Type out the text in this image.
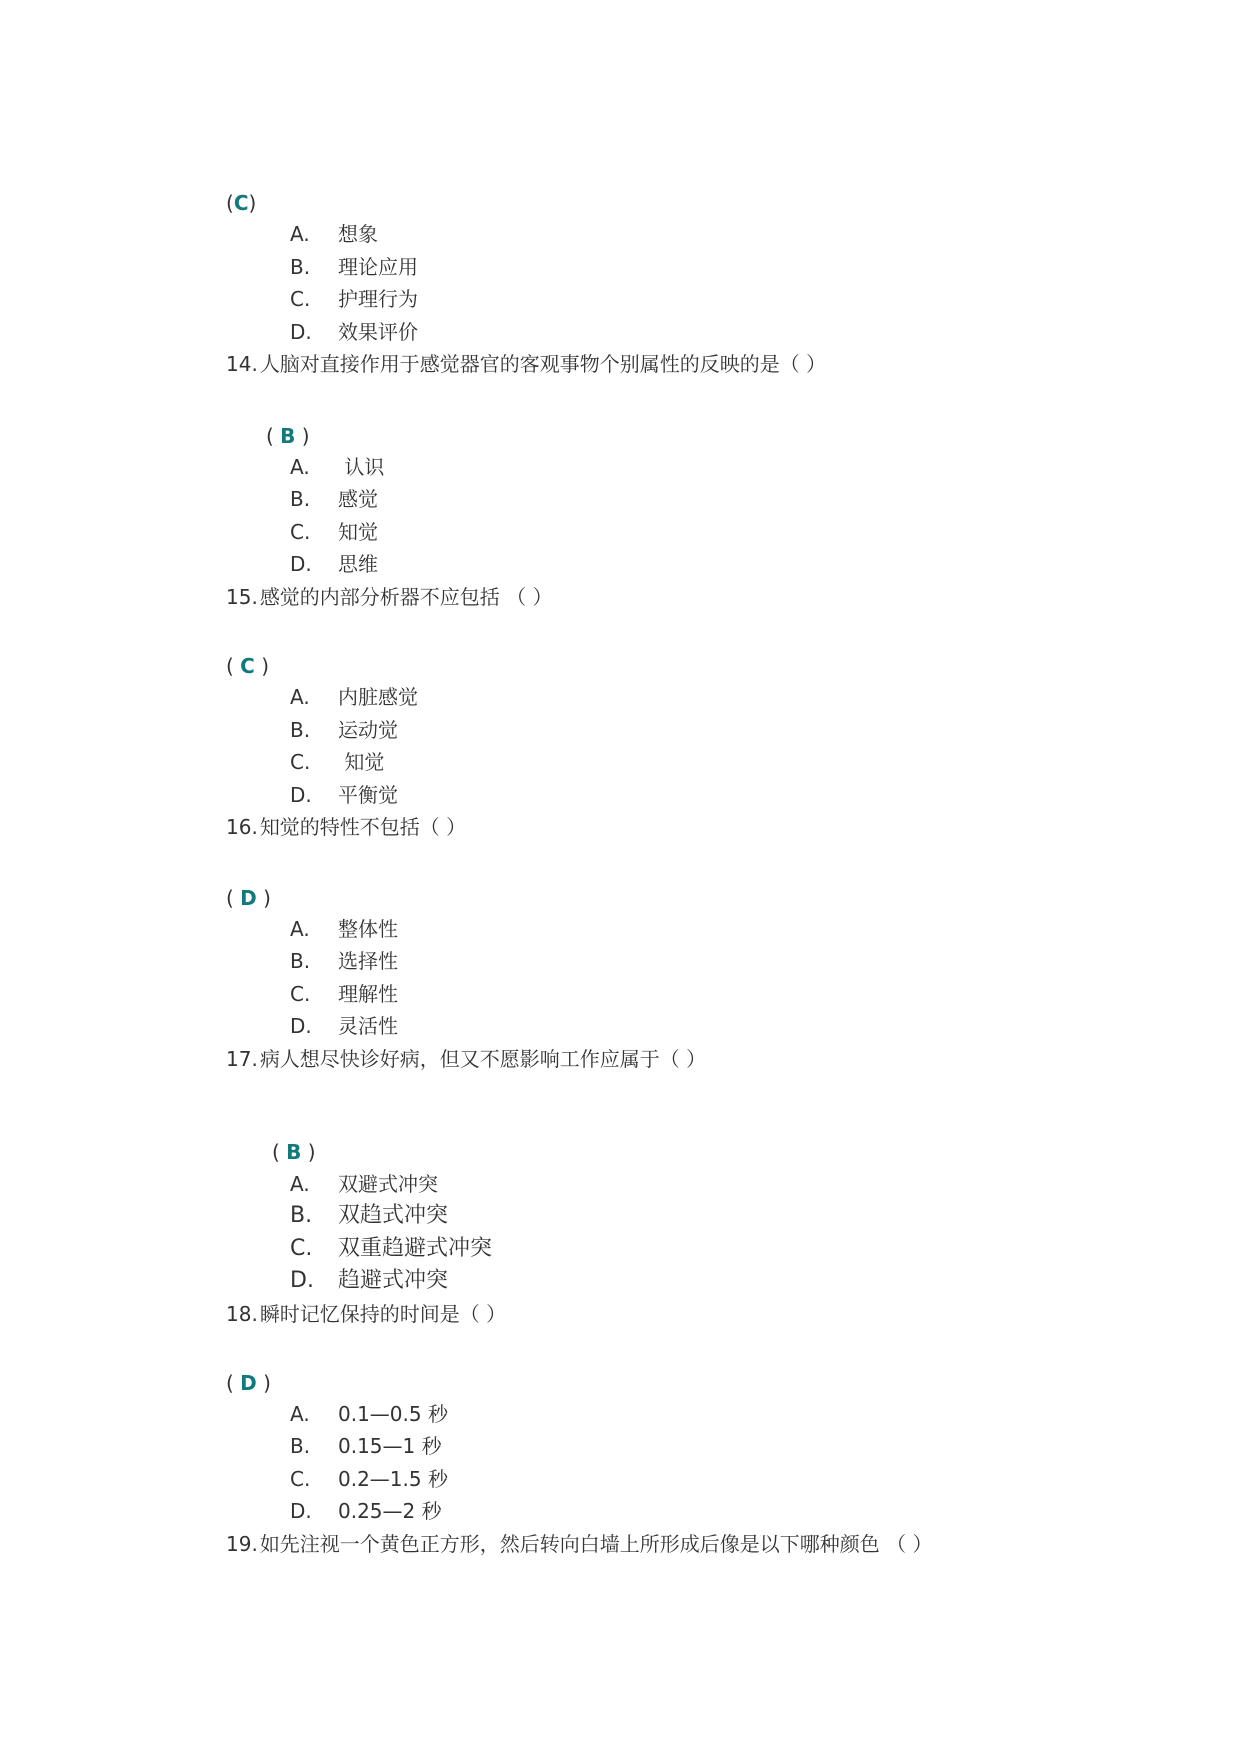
(C)
A. 想象
B. 理论应用
C. 护理行为
D. 效果评价
14. 人脑对直接作用于感觉器官的客观事物个别属性的反映的是（ ）
( B )
A. 认识
B. 感觉
C. 知觉
D. 思维
15. 感觉的内部分析器不应包括 （ ）
( C )
A. 内脏感觉
B. 运动觉
C. 知觉
D. 平衡觉
16. 知觉的特性不包括（ ）
( D )
A. 整体性
B. 选择性
C. 理解性
D. 灵活性
17. 病人想尽快诊好病，但又不愿影响工作应属于（ ）
( B )
A. 双避式冲突
B. 双趋式冲突
C. 双重趋避式冲突
D. 趋避式冲突
18. 瞬时记忆保持的时间是（ ）
( D )
A. 0.1—0.5 秒
B. 0.15—1 秒
C. 0.2—1.5 秒
D. 0.25—2 秒
19. 如先注视一个黄色正方形，然后转向白墙上所形成后像是以下哪种颜色 （ ）
